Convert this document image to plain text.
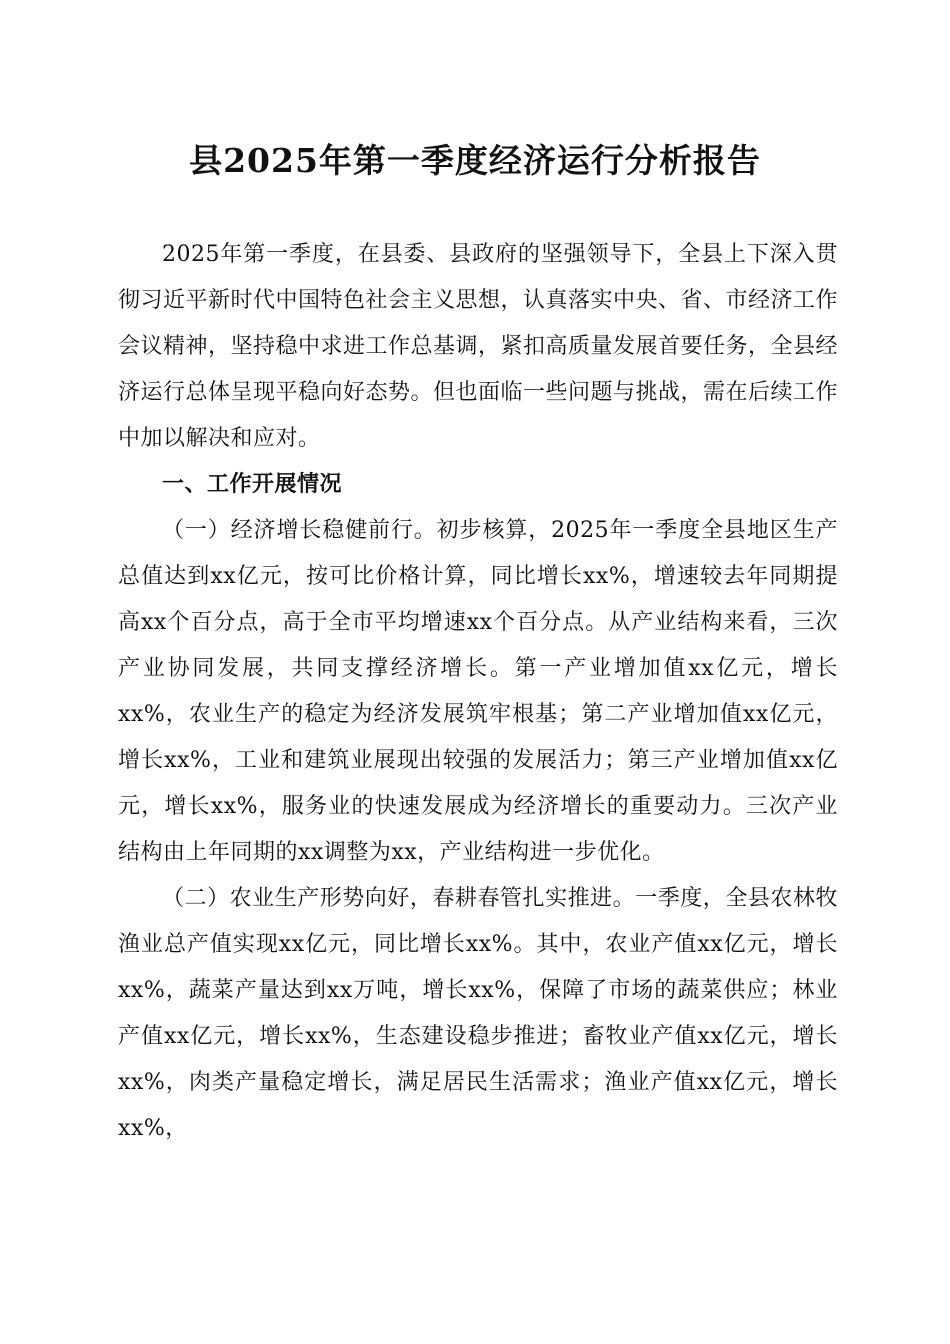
县2025年第一季度经济运行分析报告

2025年第一季度，在县委、县政府的坚强领导下，全县上下深入贯彻习近平新时代中国特色社会主义思想，认真落实中央、省、市经济工作会议精神，坚持稳中求进工作总基调，紧扣高质量发展首要任务，全县经济运行总体呈现平稳向好态势。但也面临一些问题与挑战，需在后续工作中加以解决和应对。

一、工作开展情况

（一）经济增长稳健前行。初步核算，2025年一季度全县地区生产总值达到xx亿元，按可比价格计算，同比增长xx%，增速较去年同期提高xx个百分点，高于全市平均增速xx个百分点。从产业结构来看，三次产业协同发展，共同支撑经济增长。第一产业增加值xx亿元，增长xx%，农业生产的稳定为经济发展筑牢根基；第二产业增加值xx亿元，增长xx%，工业和建筑业展现出较强的发展活力；第三产业增加值xx亿元，增长xx%，服务业的快速发展成为经济增长的重要动力。三次产业结构由上年同期的xx调整为xx，产业结构进一步优化。

（二）农业生产形势向好，春耕春管扎实推进。一季度，全县农林牧渔业总产值实现xx亿元，同比增长xx%。其中，农业产值xx亿元，增长xx%，蔬菜产量达到xx万吨，增长xx%，保障了市场的蔬菜供应；林业产值xx亿元，增长xx%，生态建设稳步推进；畜牧业产值xx亿元，增长xx%，肉类产量稳定增长，满足居民生活需求；渔业产值xx亿元，增长xx%，
